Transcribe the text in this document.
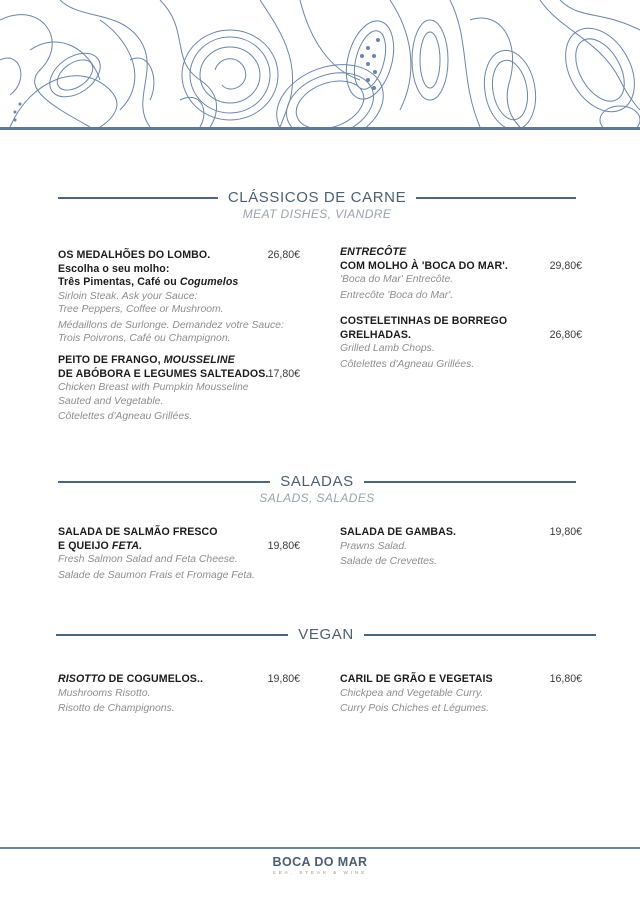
CLÁSSICOS DE CARNE
MEAT DISHES, VIANDRE
26,80€
OS MEDALHÕES DO LOMBO.
Escolha o seu molho:
Três Pimentas, Café ou Cogumelos
Sirloin Steak. Ask your Sauce:
Tree Peppers, Coffee or Mushroom.
Médaillons de Surlonge. Demandez votre Sauce:
Trois Poivrons, Café ou Champignon.
17,80€
PEITO DE FRANGO, MOUSSELINE
DE ABÓBORA E LEGUMES SALTEADOS.
Chicken Breast with Pumpkin Mousseline
Sauted and Vegetable.
Côtelettes d'Agneau Grillées.
29,80€
ENTRECÔTE
COM MOLHO À 'BOCA DO MAR'.
'Boca do Mar' Entrecôte.
Entrecôte 'Boca do Mar'.
26,80€
COSTELETINHAS DE BORREGO
GRELHADAS.
Grilled Lamb Chops.
Côtelettes d'Agneau Grillées.
SALADAS
SALADS, SALADES
19,80€
SALADA DE SALMÃO FRESCO
E QUEIJO FETA.
Fresh Salmon Salad and Feta Cheese.
Salade de Saumon Frais et Fromage Feta.
19,80€
SALADA DE GAMBAS.
Prawns Salad.
Salade de Crevettes.
VEGAN
19,80€
RISOTTO DE COGUMELOS..
Mushrooms Risotto.
Risotto de Champignons.
16,80€
CARIL DE GRÃO E VEGETAIS
Chickpea and Vegetable Curry.
Curry Pois Chiches et Légumes.
BOCA DO MAR
SEA, STEAK & WINE
